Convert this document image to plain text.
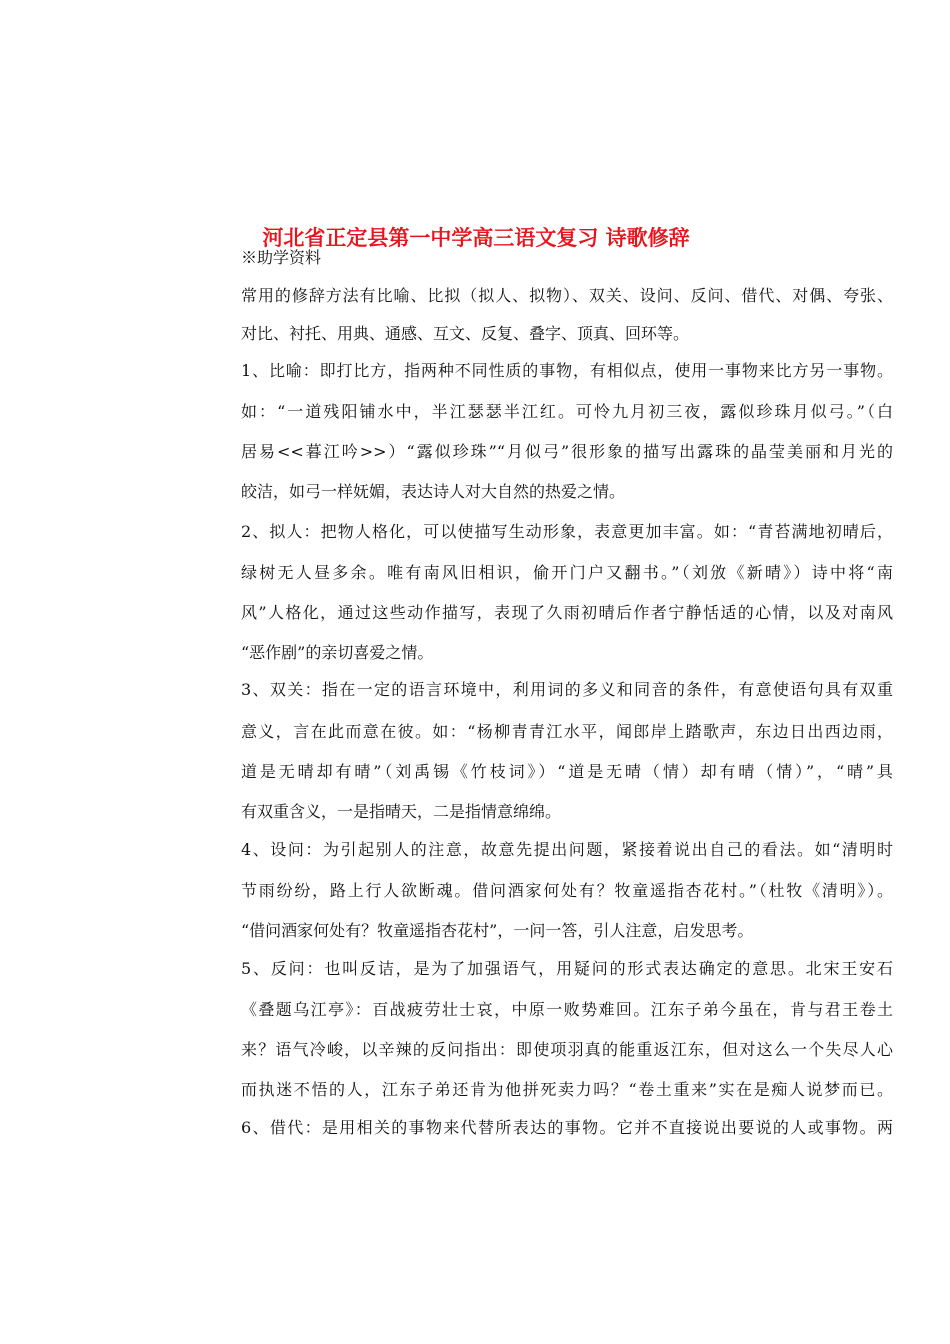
河北省正定县第一中学高三语文复习 诗歌修辞
※助学资料
常用的修辞方法有比喻、比拟（拟人、拟物）、双关、设问、反问、借代、对偶、夸张、
对比、衬托、用典、通感、互文、反复、叠字、顶真、回环等。
1、比喻：即打比方，指两种不同性质的事物，有相似点，使用一事物来比方另一事物。
如：“一道残阳铺水中，半江瑟瑟半江红。可怜九月初三夜，露似珍珠月似弓。”（白
居易<<暮江吟>>）“露似珍珠”“月似弓”很形象的描写出露珠的晶莹美丽和月光的
皎洁，如弓一样妩媚，表达诗人对大自然的热爱之情。
2、拟人：把物人格化，可以使描写生动形象，表意更加丰富。如：“青苔满地初晴后，
绿树无人昼多余。唯有南风旧相识，偷开门户又翻书。”（刘攽《新晴》）诗中将“南
风”人格化，通过这些动作描写，表现了久雨初晴后作者宁静恬适的心情，以及对南风
“恶作剧”的亲切喜爱之情。
3、双关：指在一定的语言环境中，利用词的多义和同音的条件，有意使语句具有双重
意义，言在此而意在彼。如：“杨柳青青江水平，闻郎岸上踏歌声，东边日出西边雨，
道是无晴却有晴”（刘禹锡《竹枝词》）“道是无晴（情）却有晴（情）”，“晴”具
有双重含义，一是指晴天，二是指情意绵绵。
4、设问：为引起别人的注意，故意先提出问题，紧接着说出自己的看法。如“清明时
节雨纷纷，路上行人欲断魂。借问酒家何处有？牧童遥指杏花村。”（杜牧《清明》）。
“借问酒家何处有？牧童遥指杏花村”，一问一答，引人注意，启发思考。
5、反问：也叫反诘，是为了加强语气，用疑问的形式表达确定的意思。北宋王安石
《叠题乌江亭》：百战疲劳壮士哀，中原一败势难回。江东子弟今虽在，肯与君王卷土
来？语气冷峻，以辛辣的反问指出：即使项羽真的能重返江东，但对这么一个失尽人心
而执迷不悟的人，江东子弟还肯为他拼死卖力吗？“卷土重来”实在是痴人说梦而已。
6、借代：是用相关的事物来代替所表达的事物。它并不直接说出要说的人或事物。两
